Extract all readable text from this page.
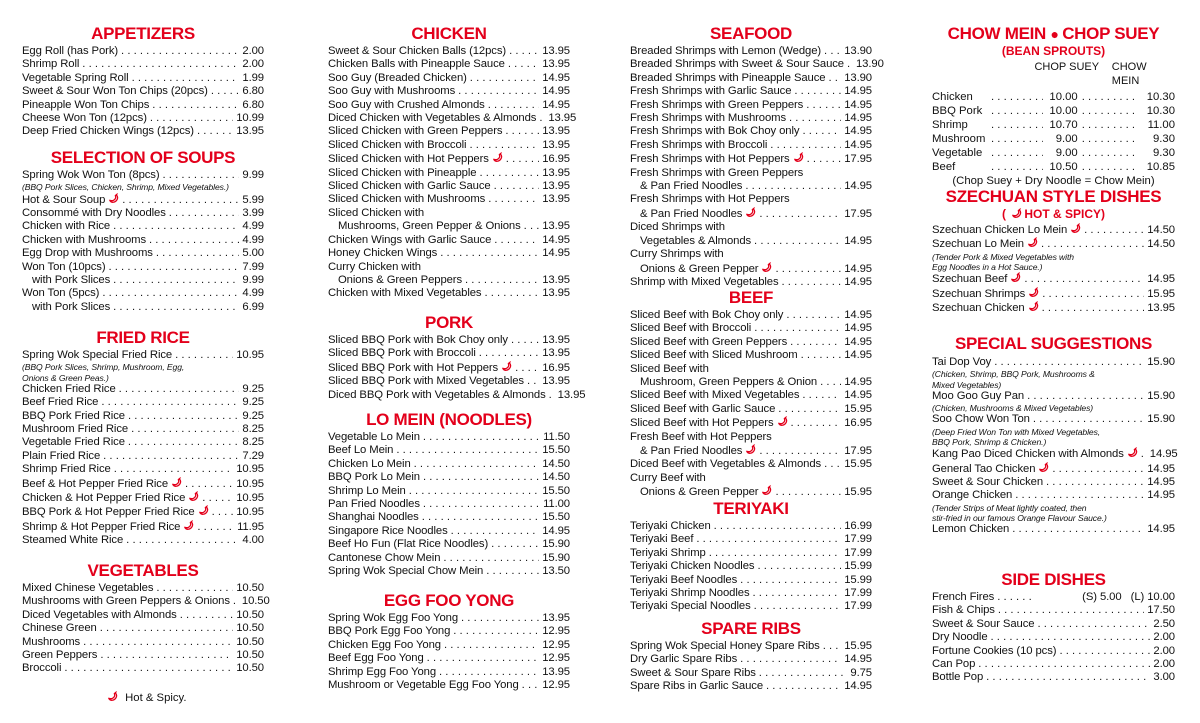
APPETIZERS
Egg Roll (has Pork) . . .	2.00
Shrimp Roll . . .	2.00
Vegetable Spring Roll . . .	1.99
Sweet & Sour Won Ton Chips (20pcs) . . .	6.80
Pineapple Won Ton Chips . . .	6.80
Cheese Won Ton (12pcs) . . .	10.99
Deep Fried Chicken Wings (12pcs) . . .	13.95
SELECTION OF SOUPS
Spring Wok Won Ton (8pcs) . . .	9.99
(BBQ Pork Slices, Chicken, Shrimp, Mixed Vegetables.)
Hot & Sour Soup . . .	5.99
Consommé with Dry Noodles . . .	3.99
Chicken with Rice . . .	4.99
Chicken with Mushrooms . . .	4.99
Egg Drop with Mushrooms . . .	5.00
Won Ton (10pcs) . . .	7.99
with Pork Slices . . .	9.99
Won Ton (5pcs) . . .	4.99
with Pork Slices . . .	6.99
FRIED RICE
Spring Wok Special Fried Rice . . .	10.95
(BBQ Pork Slices, Shrimp, Mushroom, Egg,
Onions & Green Peas.)
Chicken Fried Rice . . .	9.25
Beef Fried Rice . . .	9.25
BBQ Pork Fried Rice . . .	9.25
Mushroom Fried Rice . . .	8.25
Vegetable Fried Rice . . .	8.25
Plain Fried Rice . . .	7.29
Shrimp Fried Rice . . .	10.95
Beef & Hot Pepper Fried Rice . . .	10.95
Chicken & Hot Pepper Fried Rice . . .	10.95
BBQ Pork & Hot Pepper Fried Rice . . .	10.95
Shrimp & Hot Pepper Fried Rice . . .	11.95
Steamed White Rice . . .	4.00
VEGETABLES
Mixed Chinese Vegetables . . .	10.50
Mushrooms with Green Peppers & Onions . . . 10.50
Diced Vegetables with Almonds . . .	10.50
Chinese Green . . .	10.50
Mushrooms . . .	10.50
Green Peppers . . .	10.50
Broccoli . . .	10.50
Hot & Spicy.
CHICKEN
Sweet & Sour Chicken Balls (12pcs) . . .	13.95
Chicken Balls with Pineapple Sauce . . .	13.95
Soo Guy (Breaded Chicken) . . .	14.95
Soo Guy with Mushrooms . . .	14.95
Soo Guy with Crushed Almonds . . .	14.95
Diced Chicken with Vegetables & Almonds . . . 13.95
Sliced Chicken with Green Peppers . . .	13.95
Sliced Chicken with Broccoli . . .	13.95
Sliced Chicken with Hot Peppers . . .	16.95
Sliced Chicken with Pineapple . . .	13.95
Sliced Chicken with Garlic Sauce . . .	13.95
Sliced Chicken with Mushrooms . . .	13.95
Sliced Chicken with
Mushrooms, Green Pepper & Onions . . . 13.95
Chicken Wings with Garlic Sauce . . .	14.95
Honey Chicken Wings . . .	14.95
Curry Chicken with
Onions & Green Peppers . . .	13.95
Chicken with Mixed Vegetables . . .	13.95
PORK
Sliced BBQ Pork with Bok Choy only . . .	13.95
Sliced BBQ Pork with Broccoli . . .	13.95
Sliced BBQ Pork with Hot Peppers . . .	16.95
Sliced BBQ Pork with Mixed Vegetables . . . 13.95
Diced BBQ Pork with Vegetables & Almonds . . . 13.95
LO MEIN (NOODLES)
Vegetable Lo Mein . . .	11.50
Beef Lo Mein . . .	15.50
Chicken Lo Mein . . .	14.50
BBQ Pork Lo Mein . . .	14.50
Shrimp Lo Mein . . .	15.50
Pan Fried Noodles . . .	11.00
Shanghai Noodles . . .	15.50
Singapore Rice Noodles . . .	14.95
Beef Ho Fun (Flat Rice Noodles) . . .	15.90
Cantonese Chow Mein . . .	15.90
Spring Wok Special Chow Mein . . .	13.50
EGG FOO YONG
Spring Wok Egg Foo Yong . . .	13.95
BBQ Pork Egg Foo Yong . . .	12.95
Chicken Egg Foo Yong . . .	12.95
Beef Egg Foo Yong . . .	12.95
Shrimp Egg Foo Yong . . .	13.95
Mushroom or Vegetable Egg Foo Yong . . . 12.95
SEAFOOD
Breaded Shrimps with Lemon (Wedge) . . . 13.90
Breaded Shrimps with Sweet & Sour Sauce . . . 13.90
Breaded Shrimps with Pineapple Sauce . . . 13.90
Fresh Shrimps with Garlic Sauce . . .	14.95
Fresh Shrimps with Green Peppers . . .	14.95
Fresh Shrimps with Mushrooms . . .	14.95
Fresh Shrimps with Bok Choy only . . .	14.95
Fresh Shrimps with Broccoli . . .	14.95
Fresh Shrimps with Hot Peppers . . .	17.95
Fresh Shrimps with Green Peppers
& Pan Fried Noodles . . .	14.95
Fresh Shrimps with Hot Peppers
& Pan Fried Noodles . . .	17.95
Diced Shrimps with
Vegetables & Almonds . . .	14.95
Curry Shrimps with
Onions & Green Pepper . . .	14.95
Shrimp with Mixed Vegetables . . .	14.95
BEEF
Sliced Beef with Bok Choy only . . .	14.95
Sliced Beef with Broccoli . . .	14.95
Sliced Beef with Green Peppers . . .	14.95
Sliced Beef with Sliced Mushroom . . .	14.95
Sliced Beef with
Mushroom, Green Peppers & Onion . . . 14.95
Sliced Beef with Mixed Vegetables . . .	14.95
Sliced Beef with Garlic Sauce . . .	15.95
Sliced Beef with Hot Peppers . . .	16.95
Fresh Beef with Hot Peppers
& Pan Fried Noodles . . .	17.95
Diced Beef with Vegetables & Almonds . . . 15.95
Curry Beef with
Onions & Green Pepper . . .	15.95
TERIYAKI
Teriyaki Chicken . . .	16.99
Teriyaki Beef . . .	17.99
Teriyaki Shrimp . . .	17.99
Teriyaki Chicken Noodles . . .	15.99
Teriyaki Beef Noodles . . .	15.99
Teriyaki Shrimp Noodles . . .	17.99
Teriyaki Special Noodles . . .	17.99
SPARE RIBS
Spring Wok Special Honey Spare Ribs . . . 15.95
Dry Garlic Spare Ribs . . .	14.95
Sweet & Sour Spare Ribs . . .	9.75
Spare Ribs in Garlic Sauce . . .	14.95
CHOW MEIN ● CHOP SUEY
(BEAN SPROUTS)
CHOP SUEY	CHOW MEIN
Chicken . . .	10.00 . . .	10.30
BBQ Pork . . .	10.00 . . .	10.30
Shrimp . . .	10.70 . . .	11.00
Mushroom . . .	9.00 . . .	9.30
Vegetable . . .	9.00 . . .	9.30
Beef . . .	10.50 . . .	10.85
(Chop Suey + Dry Noodle = Chow Mein)
SZECHUAN STYLE DISHES
( HOT & SPICY)
Szechuan Chicken Lo Mein . . .	14.50
Szechuan Lo Mein . . .	14.50
(Tender Pork & Mixed Vegetables with
Egg Noodles in a Hot Sauce.)
Szechuan Beef . . .	14.95
Szechuan Shrimps . . .	15.95
Szechuan Chicken . . .	13.95
SPECIAL SUGGESTIONS
Tai Dop Voy . . .	15.90
(Chicken, Shrimp, BBQ Pork, Mushrooms &
Mixed Vegetables)
Moo Goo Guy Pan . . .	15.90
(Chicken, Mushrooms & Mixed Vegetables)
Soo Chow Won Ton . . .	15.90
(Deep Fried Won Ton with Mixed Vegetables,
BBQ Pork, Shrimp & Chicken.)
Kang Pao Diced Chicken with Almonds . . . 14.95
General Tao Chicken . . .	14.95
Sweet & Sour Chicken . . .	14.95
Orange Chicken . . .	14.95
(Tender Strips of Meat lightly coated, then
stir-fried in our famous Orange Flavour Sauce.)
Lemon Chicken . . .	14.95
SIDE DISHES
French Fires . . .	(S) 5.00 (L) 10.00
Fish & Chips . . .	17.50
Sweet & Sour Sauce . . .	2.50
Dry Noodle . . .	2.00
Fortune Cookies (10 pcs) . . .	2.00
Can Pop . . .	2.00
Bottle Pop . . .	3.00
